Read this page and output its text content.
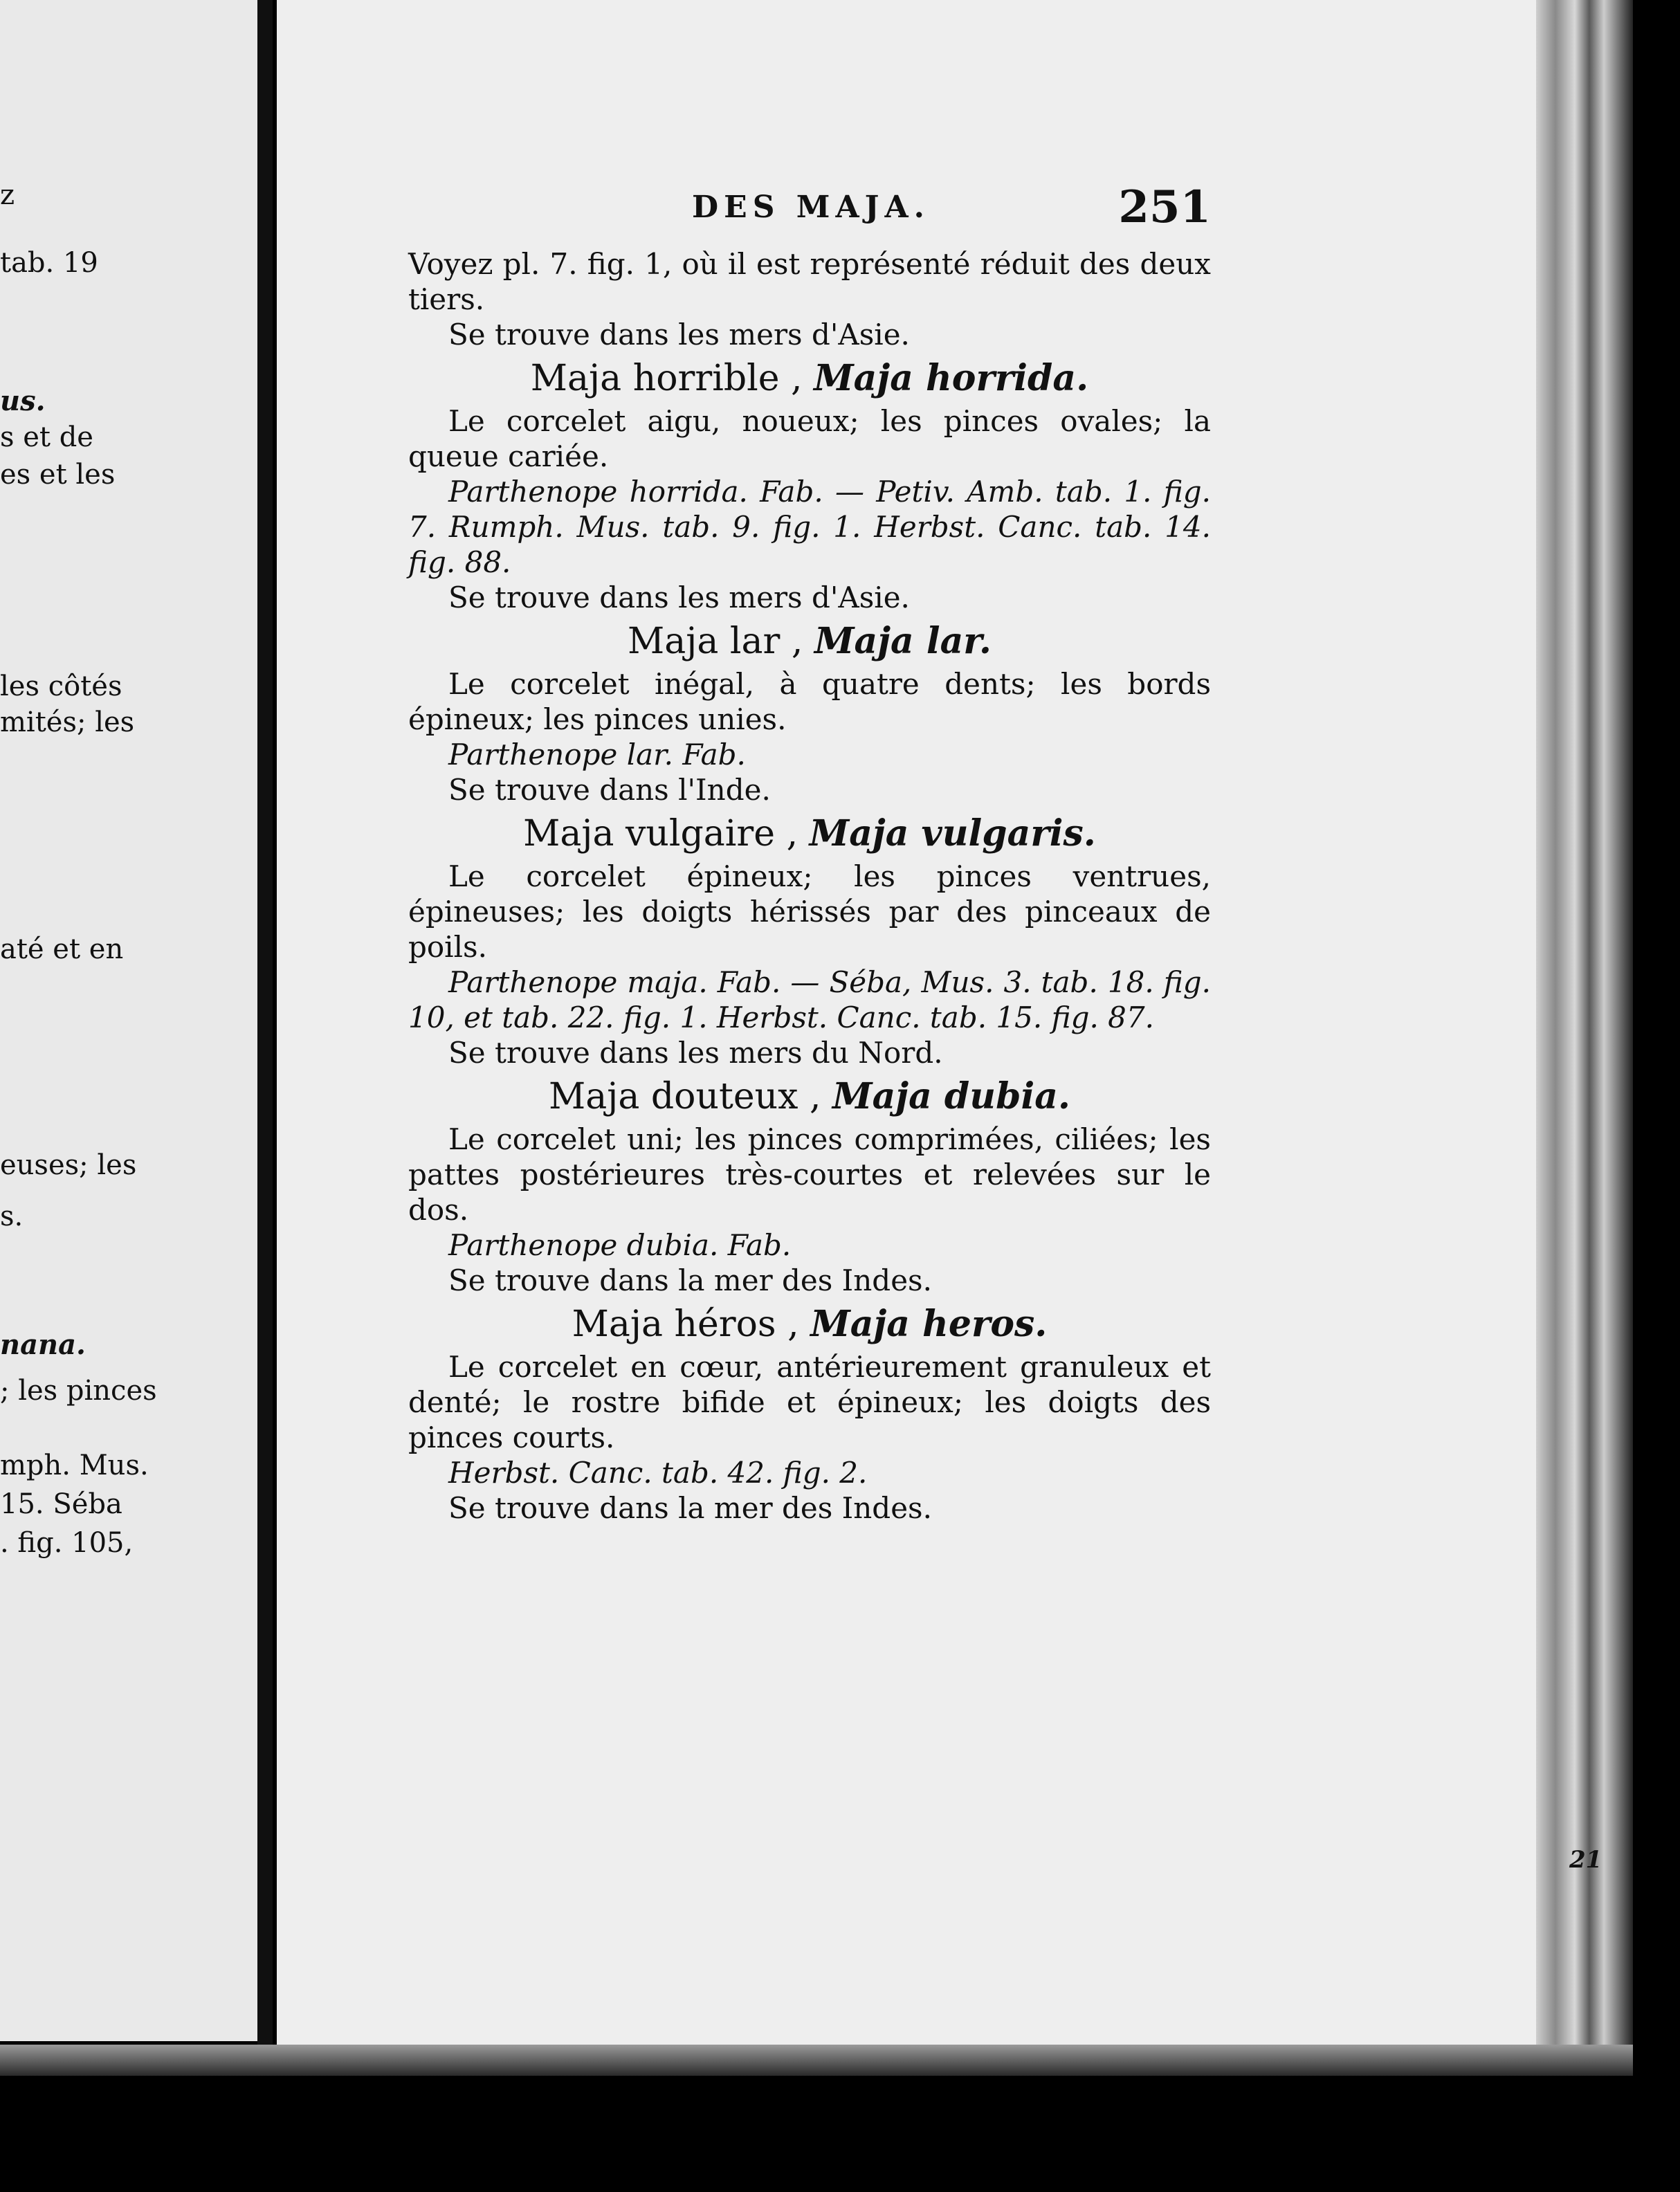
z
tab. 19
us.
s et de
es et les
les côtés
mités; les
até et en
euses; les
s.
nana.
; les pinces
mph. Mus.
15. Séba
. fig. 105,
DES MAJA.	251

Voyez pl. 7. fig. 1, où il est représenté réduit des deux tiers.

Se trouve dans les mers d'Asie.

Maja horrible , Maja horrida.

Le corcelet aigu, noueux; les pinces ovales; la queue cariée.

Parthenope horrida. Fab. — Petiv. Amb. tab. 1. fig. 7. Rumph. Mus. tab. 9. fig. 1. Herbst. Canc. tab. 14. fig. 88.

Se trouve dans les mers d'Asie.

Maja lar , Maja lar.

Le corcelet inégal, à quatre dents; les bords épineux; les pinces unies.

Parthenope lar. Fab.

Se trouve dans l'Inde.

Maja vulgaire , Maja vulgaris.

Le corcelet épineux; les pinces ventrues, épineuses; les doigts hérissés par des pinceaux de poils.

Parthenope maja. Fab. — Séba, Mus. 3. tab. 18. fig. 10, et tab. 22. fig. 1. Herbst. Canc. tab. 15. fig. 87.

Se trouve dans les mers du Nord.

Maja douteux , Maja dubia.

Le corcelet uni; les pinces comprimées, ciliées; les pattes postérieures très-courtes et relevées sur le dos.

Parthenope dubia. Fab.

Se trouve dans la mer des Indes.

Maja héros , Maja heros.

Le corcelet en cœur, antérieurement granuleux et denté; le rostre bifide et épineux; les doigts des pinces courts.

Herbst. Canc. tab. 42. fig. 2.

Se trouve dans la mer des Indes.

21
